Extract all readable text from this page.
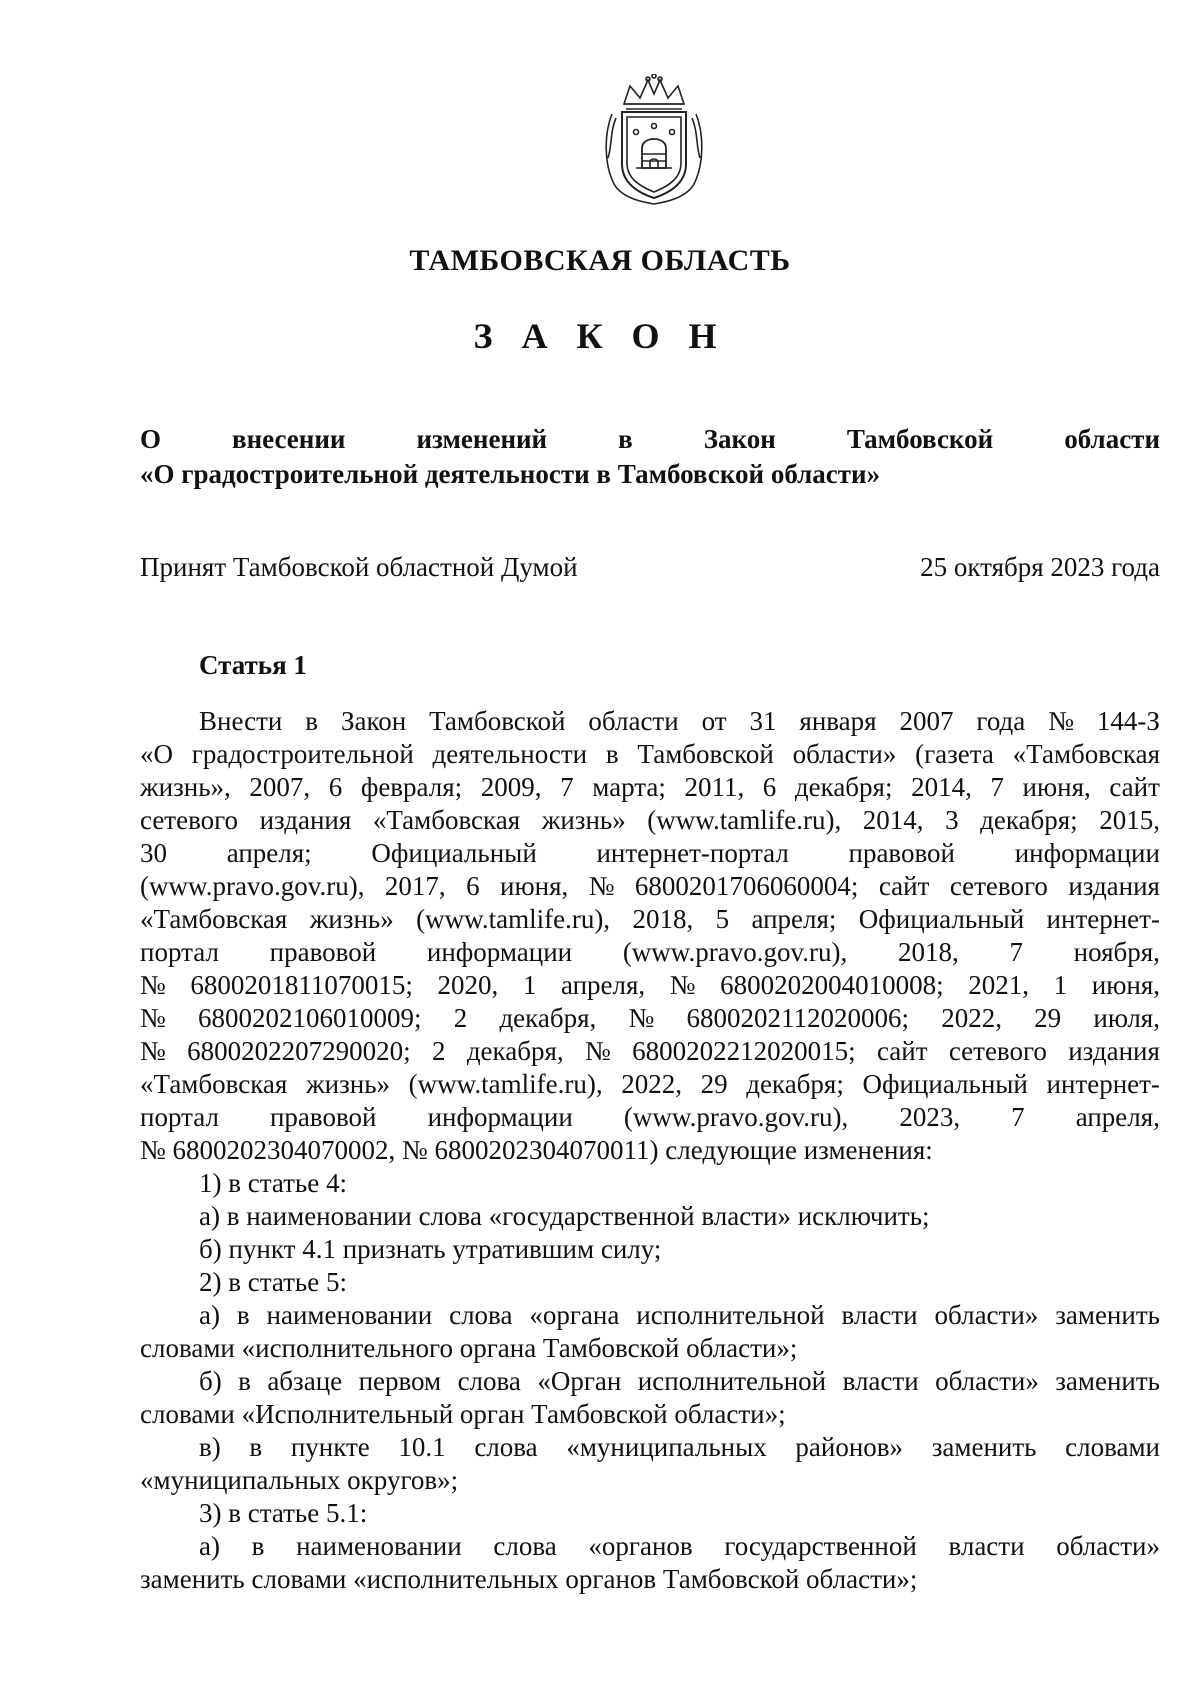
ТАМБОВСКАЯ ОБЛАСТЬ
З А К О Н
О	внесении	изменений	в	Закон	Тамбовской	области
«О градостроительной деятельности в Тамбовской области»
Принят Тамбовской областной Думой	25 октября 2023 года
Статья 1
Внести в Закон Тамбовской области от 31 января 2007 года № 144-З
«О градостроительной деятельности в Тамбовской области» (газета «Тамбовская
жизнь», 2007, 6 февраля; 2009, 7 марта; 2011, 6 декабря; 2014, 7 июня, сайт
сетевого издания «Тамбовская жизнь» (www.tamlife.ru), 2014, 3 декабря; 2015,
30 апреля; Официальный интернет-портал правовой информации
(www.pravo.gov.ru), 2017, 6 июня, № 6800201706060004; сайт сетевого издания
«Тамбовская жизнь» (www.tamlife.ru), 2018, 5 апреля; Официальный интернет-
портал правовой информации (www.pravo.gov.ru), 2018, 7 ноября,
№ 6800201811070015; 2020, 1 апреля, № 6800202004010008; 2021, 1 июня,
№ 6800202106010009; 2 декабря, № 6800202112020006; 2022, 29 июля,
№ 6800202207290020; 2 декабря, № 6800202212020015; сайт сетевого издания
«Тамбовская жизнь» (www.tamlife.ru), 2022, 29 декабря; Официальный интернет-
портал правовой информации (www.pravo.gov.ru), 2023, 7 апреля,
№ 6800202304070002, № 6800202304070011) следующие изменения:
1) в статье 4:
а) в наименовании слова «государственной власти» исключить;
б) пункт 4.1 признать утратившим силу;
2) в статье 5:
а) в наименовании слова «органа исполнительной власти области» заменить
словами «исполнительного органа Тамбовской области»;
б) в абзаце первом слова «Орган исполнительной власти области» заменить
словами «Исполнительный орган Тамбовской области»;
в) в пункте 10.1 слова «муниципальных районов» заменить словами
«муниципальных округов»;
3) в статье 5.1:
а) в наименовании слова «органов государственной власти области»
заменить словами «исполнительных органов Тамбовской области»;
